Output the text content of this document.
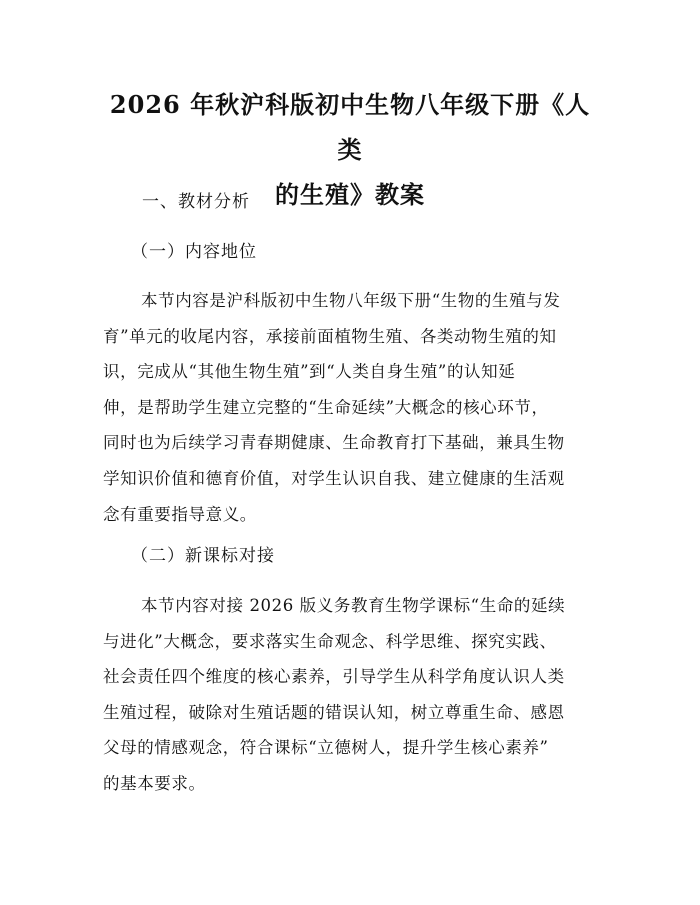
2026 年秋沪科版初中生物八年级下册《人类
的生殖》教案

一、教材分析

（一）内容地位

本节内容是沪科版初中生物八年级下册“生物的生殖与发
育”单元的收尾内容，承接前面植物生殖、各类动物生殖的知
识，完成从“其他生物生殖”到“人类自身生殖”的认知延
伸，是帮助学生建立完整的“生命延续”大概念的核心环节，
同时也为后续学习青春期健康、生命教育打下基础，兼具生物
学知识价值和德育价值，对学生认识自我、建立健康的生活观
念有重要指导意义。

（二）新课标对接

本节内容对接 2026 版义务教育生物学课标“生命的延续
与进化”大概念，要求落实生命观念、科学思维、探究实践、
社会责任四个维度的核心素养，引导学生从科学角度认识人类
生殖过程，破除对生殖话题的错误认知，树立尊重生命、感恩
父母的情感观念，符合课标“立德树人，提升学生核心素养”
的基本要求。
